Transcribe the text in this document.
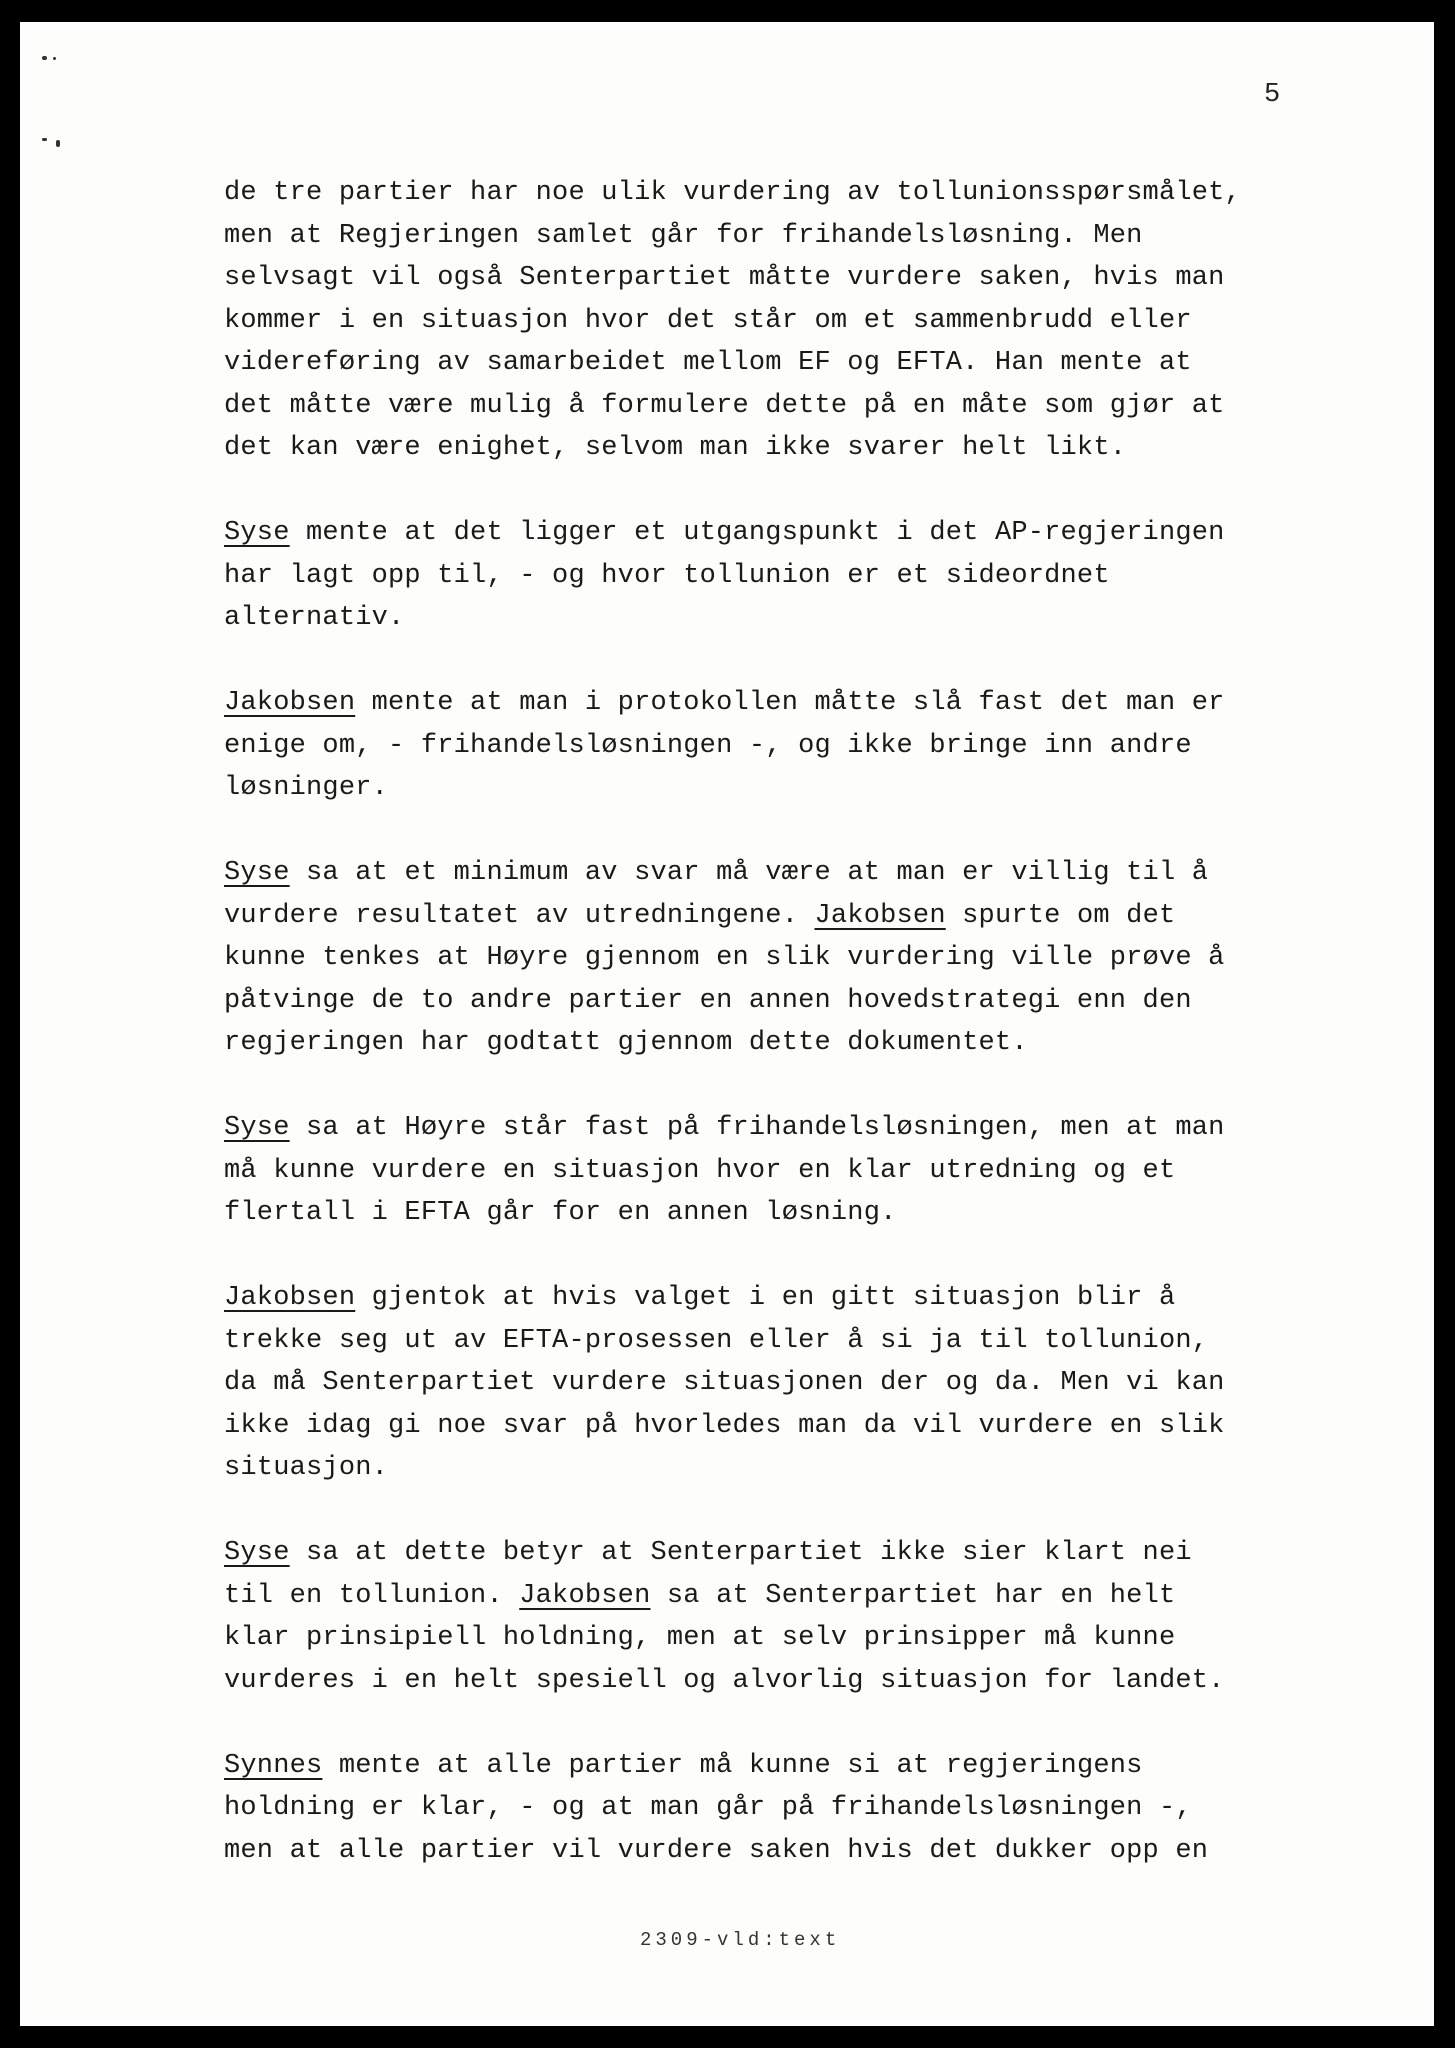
5
de tre partier har noe ulik vurdering av tollunionsspørsmålet,
men at Regjeringen samlet går for frihandelsløsning. Men
selvsagt vil også Senterpartiet måtte vurdere saken, hvis man
kommer i en situasjon hvor det står om et sammenbrudd eller
videreføring av samarbeidet mellom EF og EFTA. Han mente at
det måtte være mulig å formulere dette på en måte som gjør at
det kan være enighet, selvom man ikke svarer helt likt.
Syse mente at det ligger et utgangspunkt i det AP-regjeringen
har lagt opp til, - og hvor tollunion er et sideordnet
alternativ.
Jakobsen mente at man i protokollen måtte slå fast det man er
enige om, - frihandelsløsningen -, og ikke bringe inn andre
løsninger.
Syse sa at et minimum av svar må være at man er villig til å
vurdere resultatet av utredningene. Jakobsen spurte om det
kunne tenkes at Høyre gjennom en slik vurdering ville prøve å
påtvinge de to andre partier en annen hovedstrategi enn den
regjeringen har godtatt gjennom dette dokumentet.
Syse sa at Høyre står fast på frihandelsløsningen, men at man
må kunne vurdere en situasjon hvor en klar utredning og et
flertall i EFTA går for en annen løsning.
Jakobsen gjentok at hvis valget i en gitt situasjon blir å
trekke seg ut av EFTA-prosessen eller å si ja til tollunion,
da må Senterpartiet vurdere situasjonen der og da. Men vi kan
ikke idag gi noe svar på hvorledes man da vil vurdere en slik
situasjon.
Syse sa at dette betyr at Senterpartiet ikke sier klart nei
til en tollunion. Jakobsen sa at Senterpartiet har en helt
klar prinsipiell holdning, men at selv prinsipper må kunne
vurderes i en helt spesiell og alvorlig situasjon for landet.
Synnes mente at alle partier må kunne si at regjeringens
holdning er klar, - og at man går på frihandelsløsningen -,
men at alle partier vil vurdere saken hvis det dukker opp en
2309-vld:text
